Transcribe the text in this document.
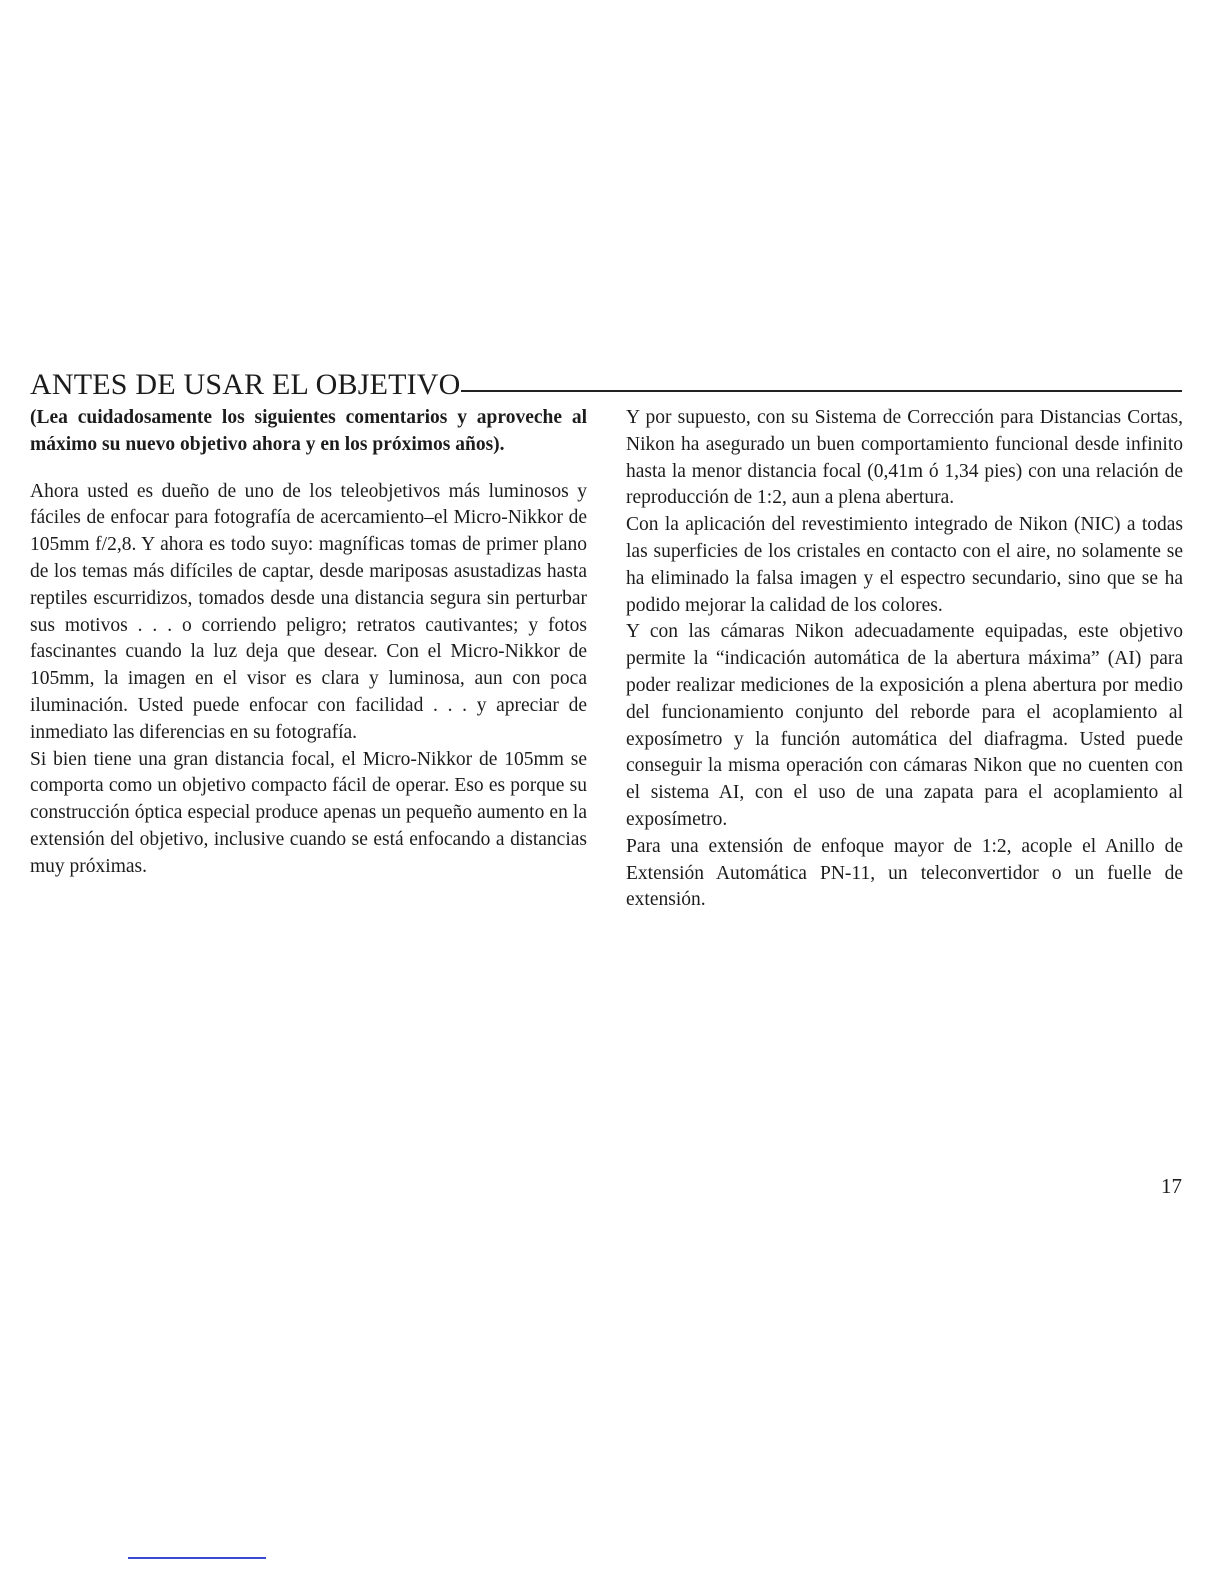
ANTES DE USAR EL OBJETIVO

(Lea cuidadosamente los siguientes comentarios y aproveche al máximo su nuevo objetivo ahora y en los próximos años).

Ahora usted es dueño de uno de los teleobjetivos más luminosos y fáciles de enfocar para fotografía de acercamiento–el Micro-Nikkor de 105mm f/2,8. Y ahora es todo suyo: magníficas tomas de primer plano de los temas más difíciles de captar, desde mariposas asustadizas hasta reptiles escurridizos, tomados desde una distancia segura sin perturbar sus motivos . . . o corriendo peligro; retratos cautivantes; y fotos fascinantes cuando la luz deja que desear. Con el Micro-Nikkor de 105mm, la imagen en el visor es clara y luminosa, aun con poca iluminación. Usted puede enfocar con facilidad . . . y apreciar de inmediato las diferencias en su fotografía.

Si bien tiene una gran distancia focal, el Micro-Nikkor de 105mm se comporta como un objetivo compacto fácil de operar. Eso es porque su construcción óptica especial produce apenas un pequeño aumento en la extensión del objetivo, inclusive cuando se está enfocando a distancias muy próximas.

Y por supuesto, con su Sistema de Corrección para Distancias Cortas, Nikon ha asegurado un buen comportamiento funcional desde infinito hasta la menor distancia focal (0,41m ó 1,34 pies) con una relación de reproducción de 1:2, aun a plena abertura.

Con la aplicación del revestimiento integrado de Nikon (NIC) a todas las superficies de los cristales en contacto con el aire, no solamente se ha eliminado la falsa imagen y el espectro secundario, sino que se ha podido mejorar la calidad de los colores.

Y con las cámaras Nikon adecuadamente equipadas, este objetivo permite la “indicación automática de la abertura máxima” (AI) para poder realizar mediciones de la exposición a plena abertura por medio del funcionamiento conjunto del reborde para el acoplamiento al exposímetro y la función automática del diafragma. Usted puede conseguir la misma operación con cámaras Nikon que no cuenten con el sistema AI, con el uso de una zapata para el acoplamiento al exposímetro.

Para una extensión de enfoque mayor de 1:2, acople el Anillo de Extensión Automática PN-11, un teleconvertidor o un fuelle de extensión.

17
